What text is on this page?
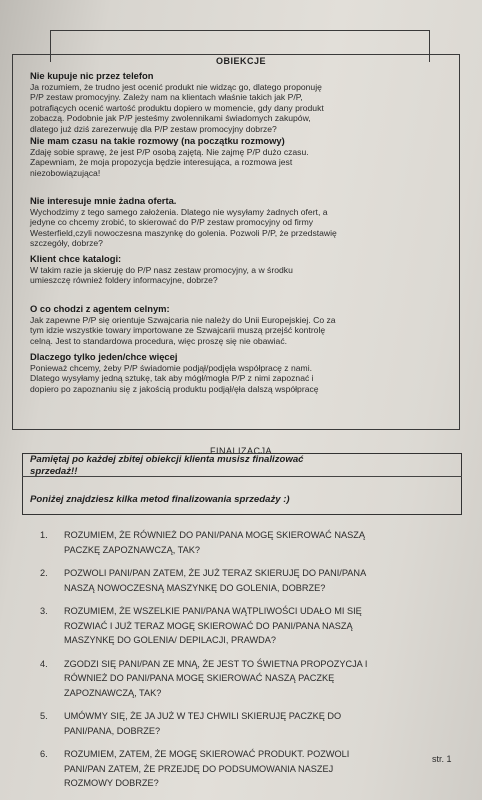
OBIEKCJE
Nie kupuje nic przez telefon
Ja rozumiem, że trudno jest ocenić produkt nie widząc go, dlatego proponuję
P/P zestaw promocyjny. Zależy nam na klientach właśnie takich jak P/P,
potrafiących ocenić wartość produktu dopiero w momencie, gdy dany produkt
zobaczą. Podobnie jak P/P jesteśmy zwolennikami świadomych zakupów,
dlatego już dziś zarezerwuję dla P/P zestaw promocyjny dobrze?
Nie mam czasu na takie rozmowy (na początku rozmowy)
Zdaję sobie sprawę, że jest P/P osobą zajętą. Nie zajmę P/P dużo czasu.
Zapewniam, że moja propozycja będzie interesująca, a rozmowa jest
niezobowiązująca!
Nie interesuje mnie żadna oferta.
Wychodzimy z tego samego założenia. Dlatego nie wysyłamy żadnych ofert, a
jedyne co chcemy zrobić, to skierować do P/P zestaw promocyjny od firmy
Westerfield,czyli nowoczesna maszynkę do golenia. Pozwoli P/P, że przedstawię
szczegóły, dobrze?
Klient chce katalogi:
W takim razie ja skieruję do P/P nasz zestaw promocyjny, a w środku
umieszczę również foldery informacyjne, dobrze?
O co chodzi z agentem celnym:
Jak zapewne P/P się orientuje Szwajcaria nie należy do Unii Europejskiej. Co za
tym idzie wszystkie towary importowane ze Szwajcarii muszą przejść kontrolę
celną. Jest to standardowa procedura, więc proszę się nie obawiać.
Dlaczego tylko jeden/chce więcej
Ponieważ chcemy, żeby P/P świadomie podjął/podjęła współpracę z nami.
Dlatego wysyłamy jedną sztukę, tak aby mógł/mogła P/P z nimi zapoznać i
dopiero po zapoznaniu się z jakością produktu podjął/ęła dalszą współpracę
FINALIZACJA
Pamiętaj po każdej zbitej obiekcji klienta musisz finalizować
sprzedaż!!
Poniżej znajdziesz kilka metod finalizowania sprzedaży :)
1. ROZUMIEM, ŻE RÓWNIEŻ DO PANI/PANA MOGĘ SKIEROWAĆ NASZĄ
PACZKĘ ZAPOZNAWCZĄ, TAK?
2. POZWOLI PANI/PAN ZATEM, ŻE JUŻ TERAZ SKIERUJĘ DO PANI/PANA
NASZĄ NOWOCZESNĄ MASZYNKĘ DO GOLENIA, DOBRZE?
3. ROZUMIEM, ŻE WSZELKIE PANI/PANA WĄTPLIWOŚCI UDAŁO MI SIĘ
ROZWIAĆ I JUŻ TERAZ MOGĘ SKIEROWAĆ DO PANI/PANA NASZĄ
MASZYNKĘ DO GOLENIA/ DEPILACJI, PRAWDA?
4. ZGODZI SIĘ PANI/PAN ZE MNĄ, ŻE JEST TO ŚWIETNA PROPOZYCJA I
RÓWNIEŻ DO PANI/PANA MOGĘ SKIEROWAĆ NASZĄ PACZKĘ
ZAPOZNAWCZĄ, TAK?
5. UMÓWMY SIĘ, ŻE JA JUŻ W TEJ CHWILI SKIERUJĘ PACZKĘ DO
PANI/PANA, DOBRZE?
6. ROZUMIEM, ZATEM, ŻE MOGĘ SKIEROWAĆ PRODUKT. POZWOLI
PANI/PAN ZATEM, ŻE PRZEJDĘ DO PODSUMOWANIA NASZEJ
ROZMOWY DOBRZE?
str. 1
